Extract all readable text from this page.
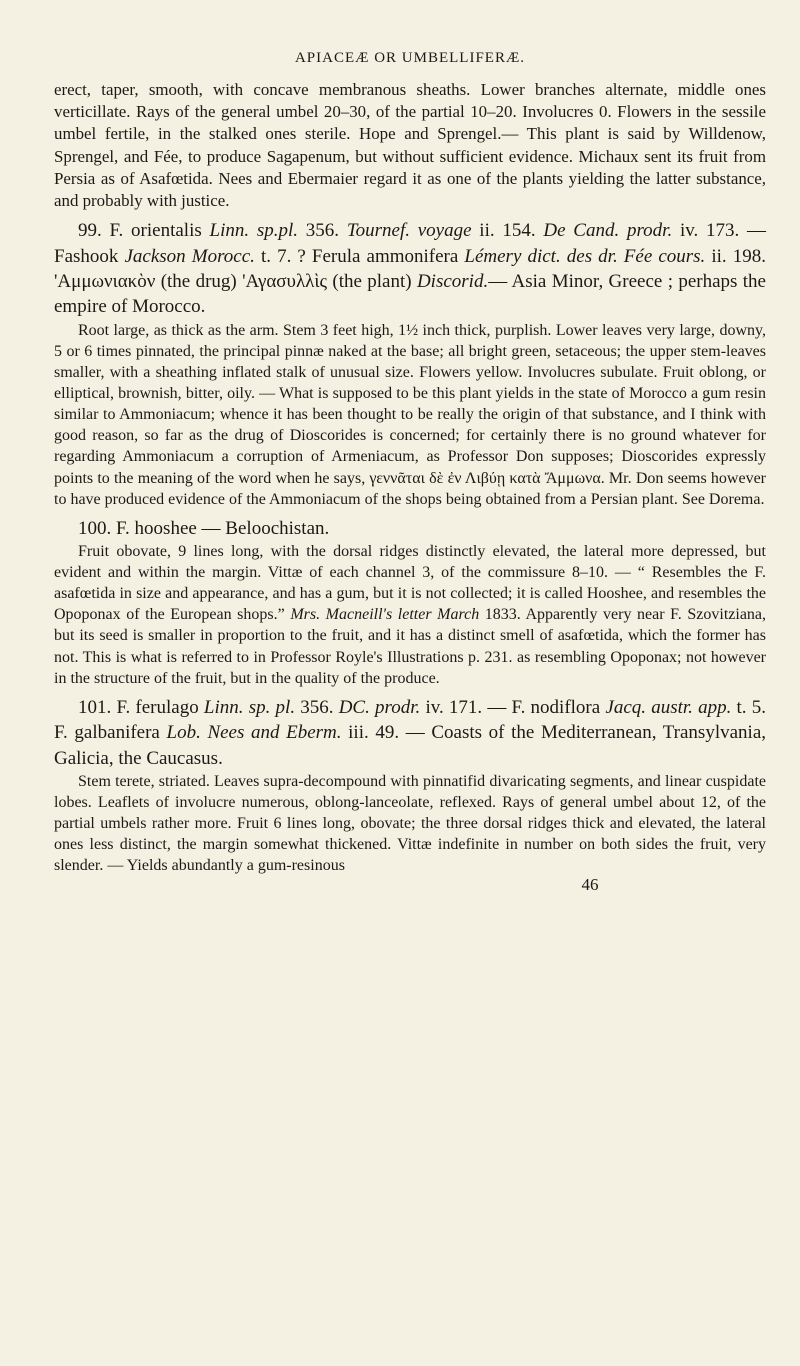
APIACEÆ OR UMBELLIFERÆ.

erect, taper, smooth, with concave membranous sheaths. Lower branches alternate, middle ones verticillate. Rays of the general umbel 20–30, of the partial 10–20. Involucres 0. Flowers in the sessile umbel fertile, in the stalked ones sterile. Hope and Sprengel.— This plant is said by Willdenow, Sprengel, and Fée, to produce Sagapenum, but without sufficient evidence. Michaux sent its fruit from Persia as of Asafœtida. Nees and Ebermaier regard it as one of the plants yielding the latter substance, and probably with justice.

99. F. orientalis Linn. sp.pl. 356. Tournef. voyage ii. 154. De Cand. prodr. iv. 173. — Fashook Jackson Morocc. t. 7. ? Ferula ammonifera Lémery dict. des dr. Fée cours. ii. 198. 'Αμμωνιακὸν (the drug) 'Αγασυλλὶς (the plant) Discorid.— Asia Minor, Greece ; perhaps the empire of Morocco.

Root large, as thick as the arm. Stem 3 feet high, 1½ inch thick, purplish. Lower leaves very large, downy, 5 or 6 times pinnated, the principal pinnæ naked at the base; all bright green, setaceous; the upper stem-leaves smaller, with a sheathing inflated stalk of unusual size. Flowers yellow. Involucres subulate. Fruit oblong, or elliptical, brownish, bitter, oily. — What is supposed to be this plant yields in the state of Morocco a gum resin similar to Ammoniacum; whence it has been thought to be really the origin of that substance, and I think with good reason, so far as the drug of Dioscorides is concerned; for certainly there is no ground whatever for regarding Ammoniacum a corruption of Armeniacum, as Professor Don supposes; Dioscorides expressly points to the meaning of the word when he says, γεννᾶται δὲ ἐν Λιβύῃ κατὰ Ἄμμωνα. Mr. Don seems however to have produced evidence of the Ammoniacum of the shops being obtained from a Persian plant. See Dorema.

100. F. hooshee — Beloochistan.

Fruit obovate, 9 lines long, with the dorsal ridges distinctly elevated, the lateral more depressed, but evident and within the margin. Vittæ of each channel 3, of the commissure 8–10. — “ Resembles the F. asafœtida in size and appearance, and has a gum, but it is not collected; it is called Hooshee, and resembles the Opoponax of the European shops.” Mrs. Macneill's letter March 1833. Apparently very near F. Szovitziana, but its seed is smaller in proportion to the fruit, and it has a distinct smell of asafœtida, which the former has not. This is what is referred to in Professor Royle's Illustrations p. 231. as resembling Opoponax; not however in the structure of the fruit, but in the quality of the produce.

101. F. ferulago Linn. sp. pl. 356. DC. prodr. iv. 171. — F. nodiflora Jacq. austr. app. t. 5. F. galbanifera Lob. Nees and Eberm. iii. 49. — Coasts of the Mediterranean, Transylvania, Galicia, the Caucasus.

Stem terete, striated. Leaves supra-decompound with pinnatifid divaricating segments, and linear cuspidate lobes. Leaflets of involucre numerous, oblong-lanceolate, reflexed. Rays of general umbel about 12, of the partial umbels rather more. Fruit 6 lines long, obovate; the three dorsal ridges thick and elevated, the lateral ones less distinct, the margin somewhat thickened. Vittæ indefinite in number on both sides the fruit, very slender. — Yields abundantly a gum-resinous

46
